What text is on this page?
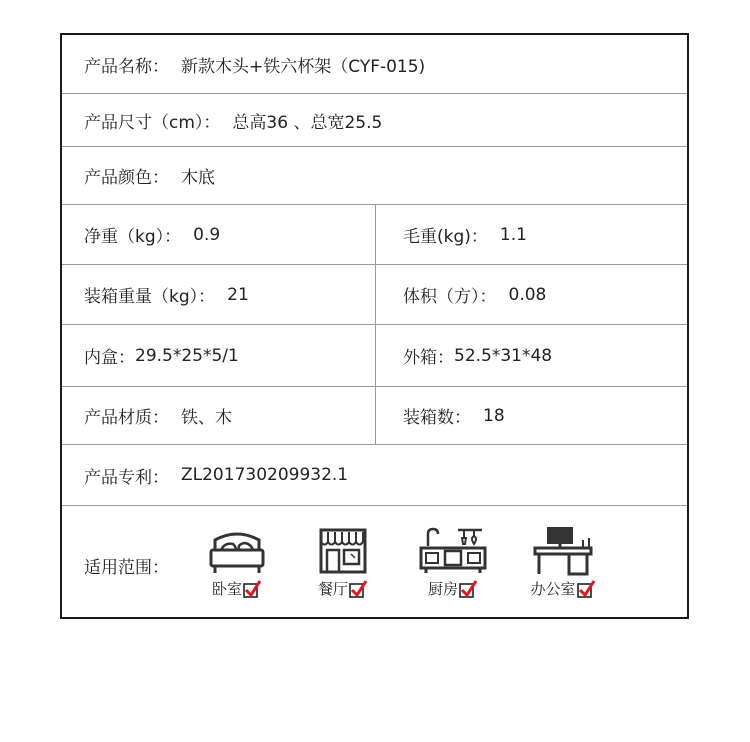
产品名称： 新款木头+铁六杯架（CYF-015)
产品尺寸（cm）： 总高36 、总宽25.5
产品颜色： 木底
净重（kg）： 0.9	毛重(kg)： 1.1
装箱重量（kg）： 21	体积（方）： 0.08
内盒： 29.5*25*5/1	外箱： 52.5*31*48
产品材质： 铁、木	装箱数： 18
产品专利： ZL201730209932.1
适用范围：
卧室	餐厅	厨房	办公室
